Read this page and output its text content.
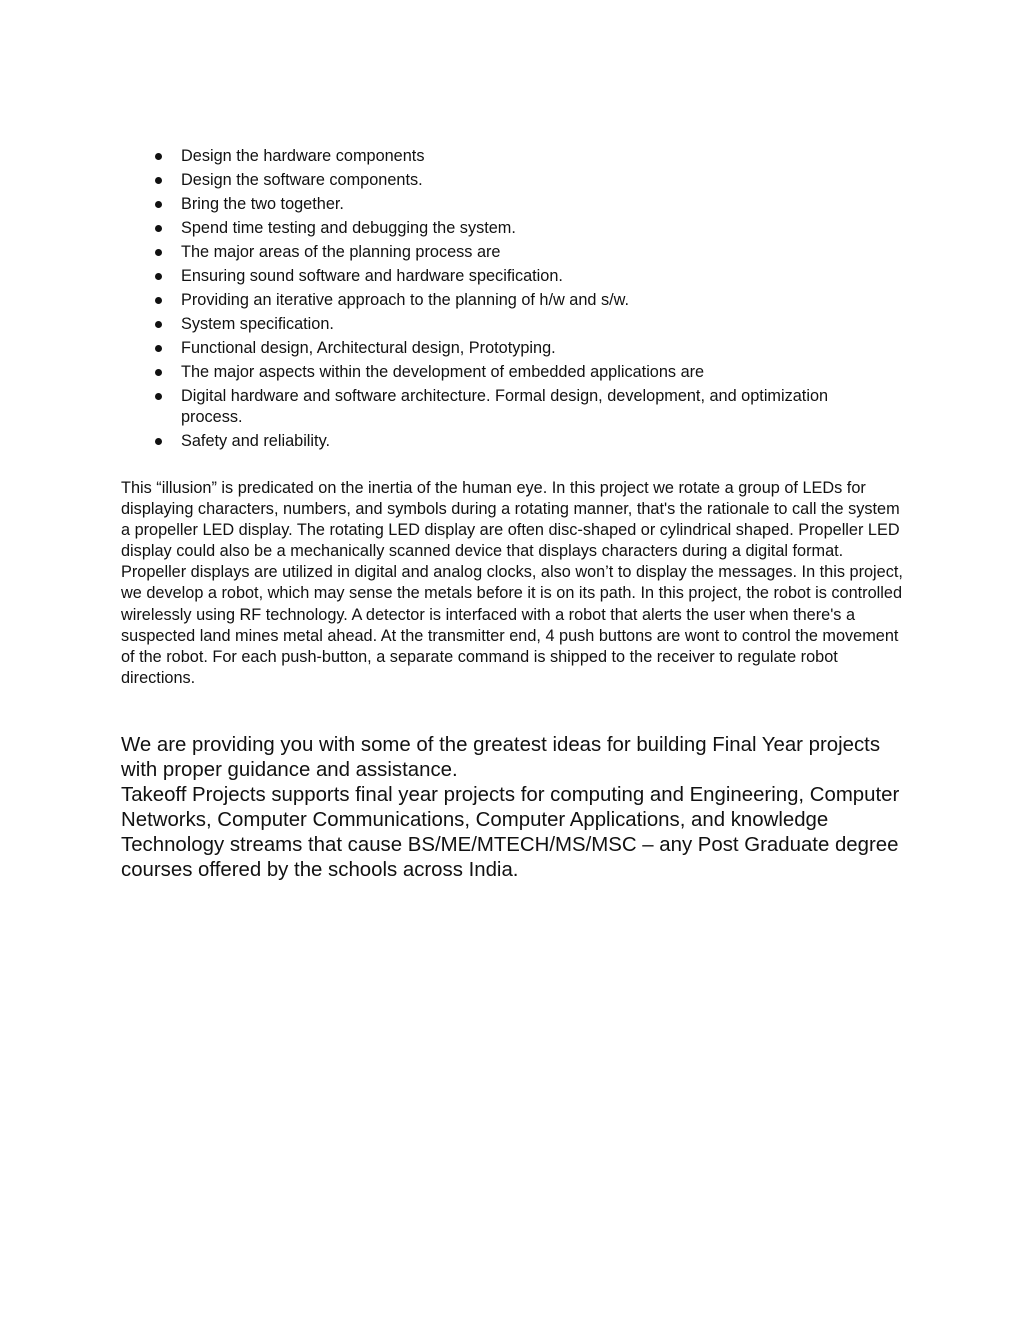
Design the hardware components
Design the software components.
Bring the two together.
Spend time testing and debugging the system.
The major areas of the planning process are
Ensuring sound software and hardware specification.
Providing an iterative approach to the planning of h/w and s/w.
System specification.
Functional design, Architectural design, Prototyping.
The major aspects within the development of embedded applications are
Digital hardware and software architecture. Formal design, development, and optimization process.
Safety and reliability.

This “illusion” is predicated on the inertia of the human eye. In this project we rotate a group of LEDs for displaying characters, numbers, and symbols during a rotating manner, that's the rationale to call the system a propeller LED display. The rotating LED display are often disc-shaped or cylindrical shaped. Propeller LED display could also be a mechanically scanned device that displays characters during a digital format. Propeller displays are utilized in digital and analog clocks, also won’t to display the messages. In this project, we develop a robot, which may sense the metals before it is on its path. In this project, the robot is controlled wirelessly using RF technology. A detector is interfaced with a robot that alerts the user when there's a suspected land mines metal ahead. At the transmitter end, 4 push buttons are wont to control the movement of the robot. For each push-button, a separate command is shipped to the receiver to regulate robot directions.

We are providing you with some of the greatest ideas for building Final Year projects with proper guidance and assistance.

Takeoff Projects supports final year projects for computing and Engineering, Computer Networks, Computer Communications, Computer Applications, and knowledge Technology streams that cause BS/ME/MTECH/MS/MSC – any Post Graduate degree courses offered by the schools across India.
